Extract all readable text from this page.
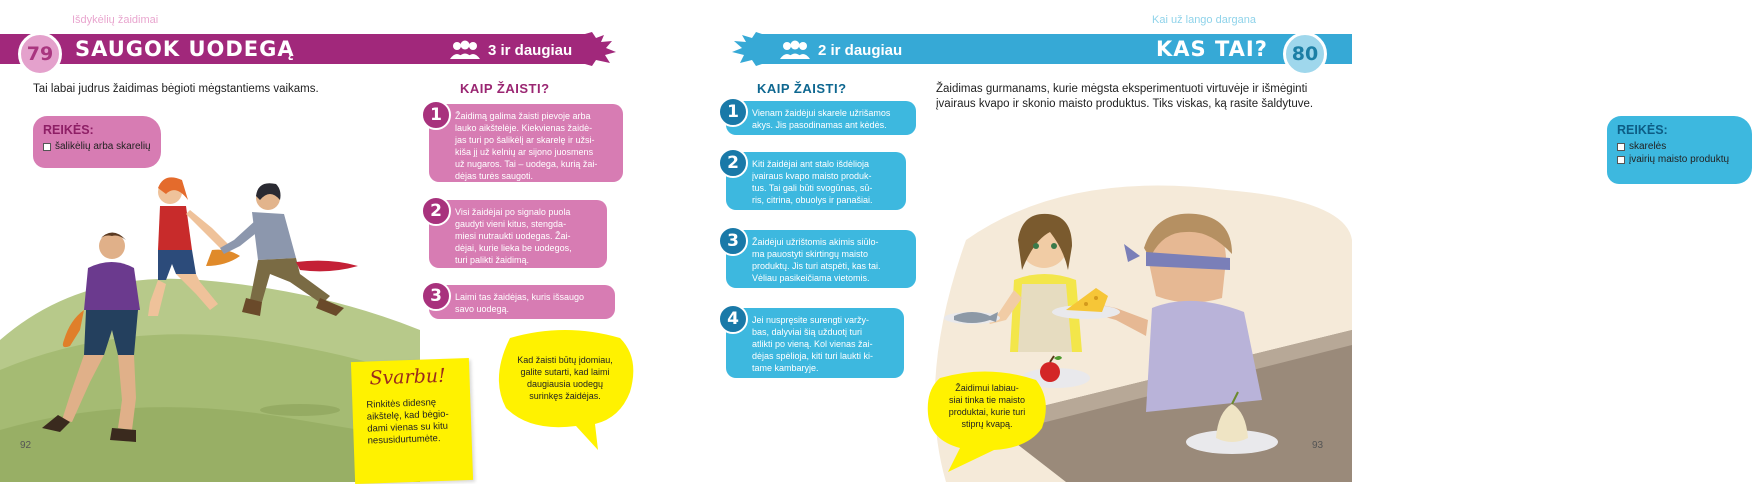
Išdykėlių žaidimai
SAUGOK UODEGĄ	3 ir daugiau
Tai labai judrus žaidimas bėgioti mėgstantiems vaikams.
REIKĖS:
šalikėlių arba skarelių
KAIP ŽAISTI?
Žaidimą galima žaisti pievoje arba
lauko aikštelėje. Kiekvienas žaidė-
jas turi po šalikėlį ar skarelę ir užsi-
kiša jį už kelnių ar sijono juosmens
už nugaros. Tai – uodega, kurią žai-
dėjas turės saugoti.
1
Visi žaidėjai po signalo puola
gaudyti vieni kitus, stengda-
miesi nutraukti uodegas. Žai-
dėjai, kurie lieka be uodegos,
turi palikti žaidimą.
2
Laimi tas žaidėjas, kuris išsaugo
savo uodegą.
3
Kad žaisti būtų įdomiau,
galite sutarti, kad laimi
daugiausia uodegų
surinkęs žaidėjas.
Svarbu!
Rinkitės didesnę
aikštelę, kad bėgio-
dami vienas su kitu
nesusidurtumėte.
92
79
Kai už lango dargana
2 ir daugiau	KAS TAI?
Žaidimas gurmanams, kurie mėgsta eksperimentuoti virtuvėje ir išmėginti
įvairaus kvapo ir skonio maisto produktus. Tiks viskas, ką rasite šaldytuve.
REIKĖS:
skarelės
įvairių maisto produktų
KAIP ŽAISTI?
Vienam žaidėjui skarele užrišamos
akys. Jis pasodinamas ant kėdės.
1
Kiti žaidėjai ant stalo išdėlioja
įvairaus kvapo maisto produk-
tus. Tai gali būti svogūnas, sū-
ris, citrina, obuolys ir panašiai.
2
Žaidėjui užrištomis akimis siūlo-
ma pauostyti skirtingų maisto
produktų. Jis turi atspėti, kas tai.
Vėliau pasikeičiama vietomis.
3
Jei nuspręsite surengti varžy-
bas, dalyviai šią užduotį turi
atlikti po vieną. Kol vienas žai-
dėjas spėlioja, kiti turi laukti ki-
tame kambaryje.
4
Žaidimui labiau-
siai tinka tie maisto
produktai, kurie turi
stiprų kvapą.
93
80
